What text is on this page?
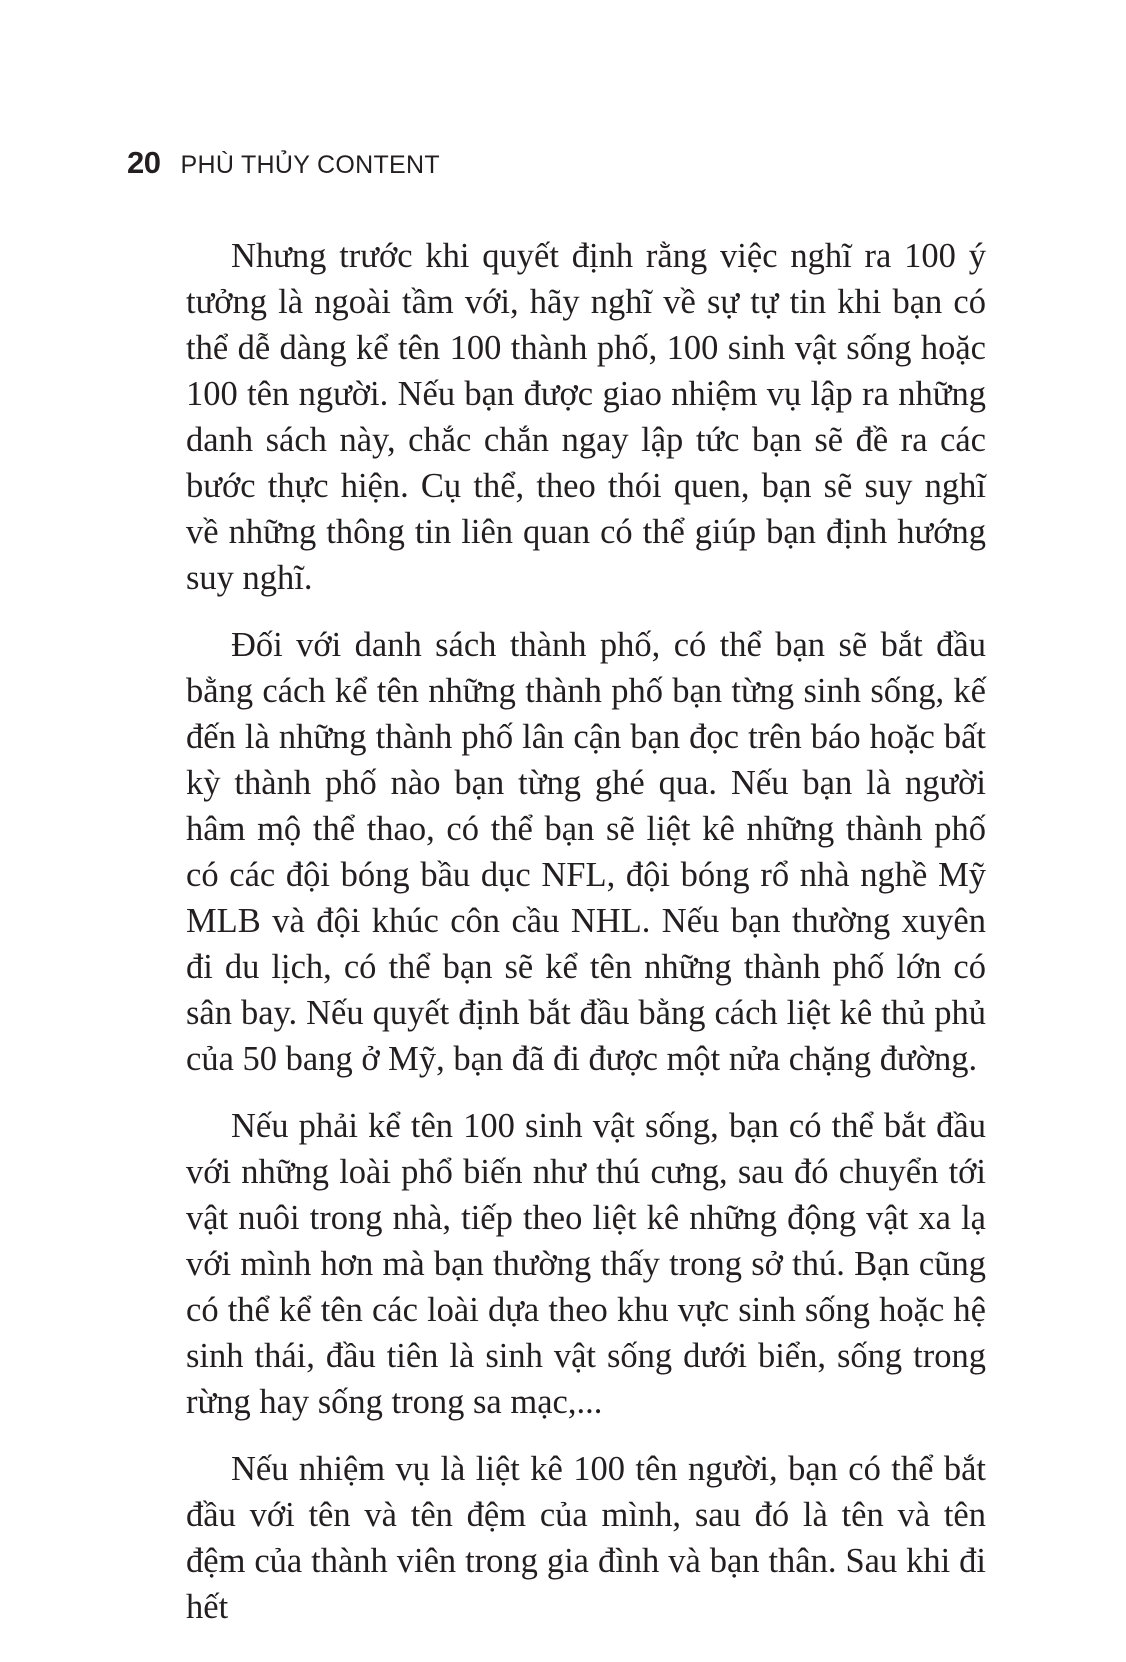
20 PHÙ THỦY CONTENT

Nhưng trước khi quyết định rằng việc nghĩ ra 100 ý tưởng là ngoài tầm với, hãy nghĩ về sự tự tin khi bạn có thể dễ dàng kể tên 100 thành phố, 100 sinh vật sống hoặc 100 tên người. Nếu bạn được giao nhiệm vụ lập ra những danh sách này, chắc chắn ngay lập tức bạn sẽ đề ra các bước thực hiện. Cụ thể, theo thói quen, bạn sẽ suy nghĩ về những thông tin liên quan có thể giúp bạn định hướng suy nghĩ.

Đối với danh sách thành phố, có thể bạn sẽ bắt đầu bằng cách kể tên những thành phố bạn từng sinh sống, kế đến là những thành phố lân cận bạn đọc trên báo hoặc bất kỳ thành phố nào bạn từng ghé qua. Nếu bạn là người hâm mộ thể thao, có thể bạn sẽ liệt kê những thành phố có các đội bóng bầu dục NFL, đội bóng rổ nhà nghề Mỹ MLB và đội khúc côn cầu NHL. Nếu bạn thường xuyên đi du lịch, có thể bạn sẽ kể tên những thành phố lớn có sân bay. Nếu quyết định bắt đầu bằng cách liệt kê thủ phủ của 50 bang ở Mỹ, bạn đã đi được một nửa chặng đường.

Nếu phải kể tên 100 sinh vật sống, bạn có thể bắt đầu với những loài phổ biến như thú cưng, sau đó chuyển tới vật nuôi trong nhà, tiếp theo liệt kê những động vật xa lạ với mình hơn mà bạn thường thấy trong sở thú. Bạn cũng có thể kể tên các loài dựa theo khu vực sinh sống hoặc hệ sinh thái, đầu tiên là sinh vật sống dưới biển, sống trong rừng hay sống trong sa mạc,...

Nếu nhiệm vụ là liệt kê 100 tên người, bạn có thể bắt đầu với tên và tên đệm của mình, sau đó là tên và tên đệm của thành viên trong gia đình và bạn thân. Sau khi đi hết
